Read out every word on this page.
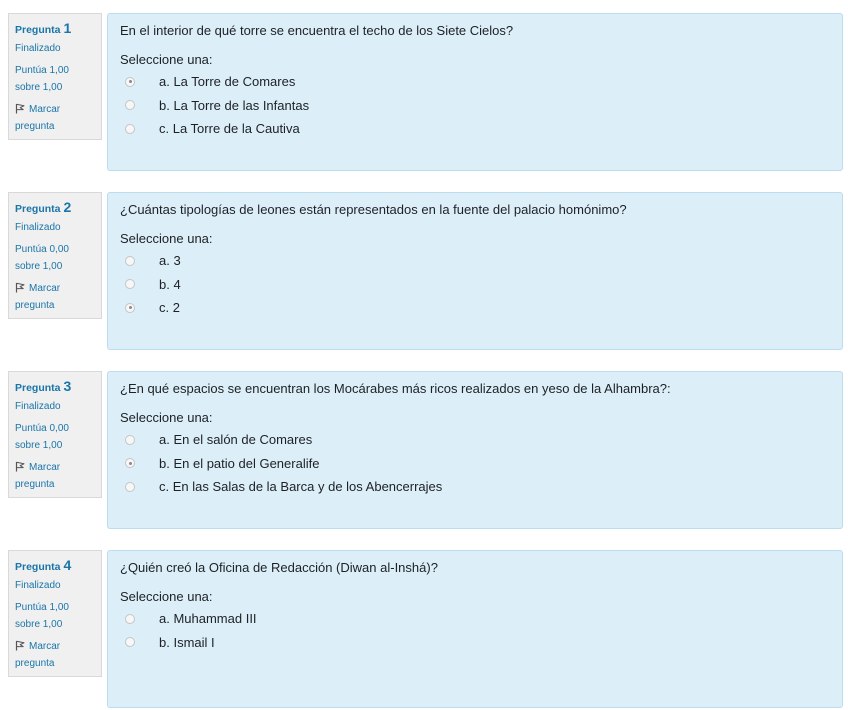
Pregunta 1
Finalizado
Puntúa 1,00
sobre 1,00
Marcar
pregunta
En el interior de qué torre se encuentra el techo de los Siete Cielos?
Seleccione una:
a. La Torre de Comares
b. La Torre de las Infantas
c. La Torre de la Cautiva
Pregunta 2
Finalizado
Puntúa 0,00
sobre 1,00
Marcar
pregunta
¿Cuántas tipologías de leones están representados en la fuente del palacio homónimo?
Seleccione una:
a. 3
b. 4
c. 2
Pregunta 3
Finalizado
Puntúa 0,00
sobre 1,00
Marcar
pregunta
¿En qué espacios se encuentran los Mocárabes más ricos realizados en yeso de la Alhambra?:
Seleccione una:
a. En el salón de Comares
b. En el patio del Generalife
c. En las Salas de la Barca y de los Abencerrajes
Pregunta 4
Finalizado
Puntúa 1,00
sobre 1,00
Marcar
pregunta
¿Quién creó la Oficina de Redacción (Diwan al-Inshá)?
Seleccione una:
a. Muhammad III
b. Ismail I
